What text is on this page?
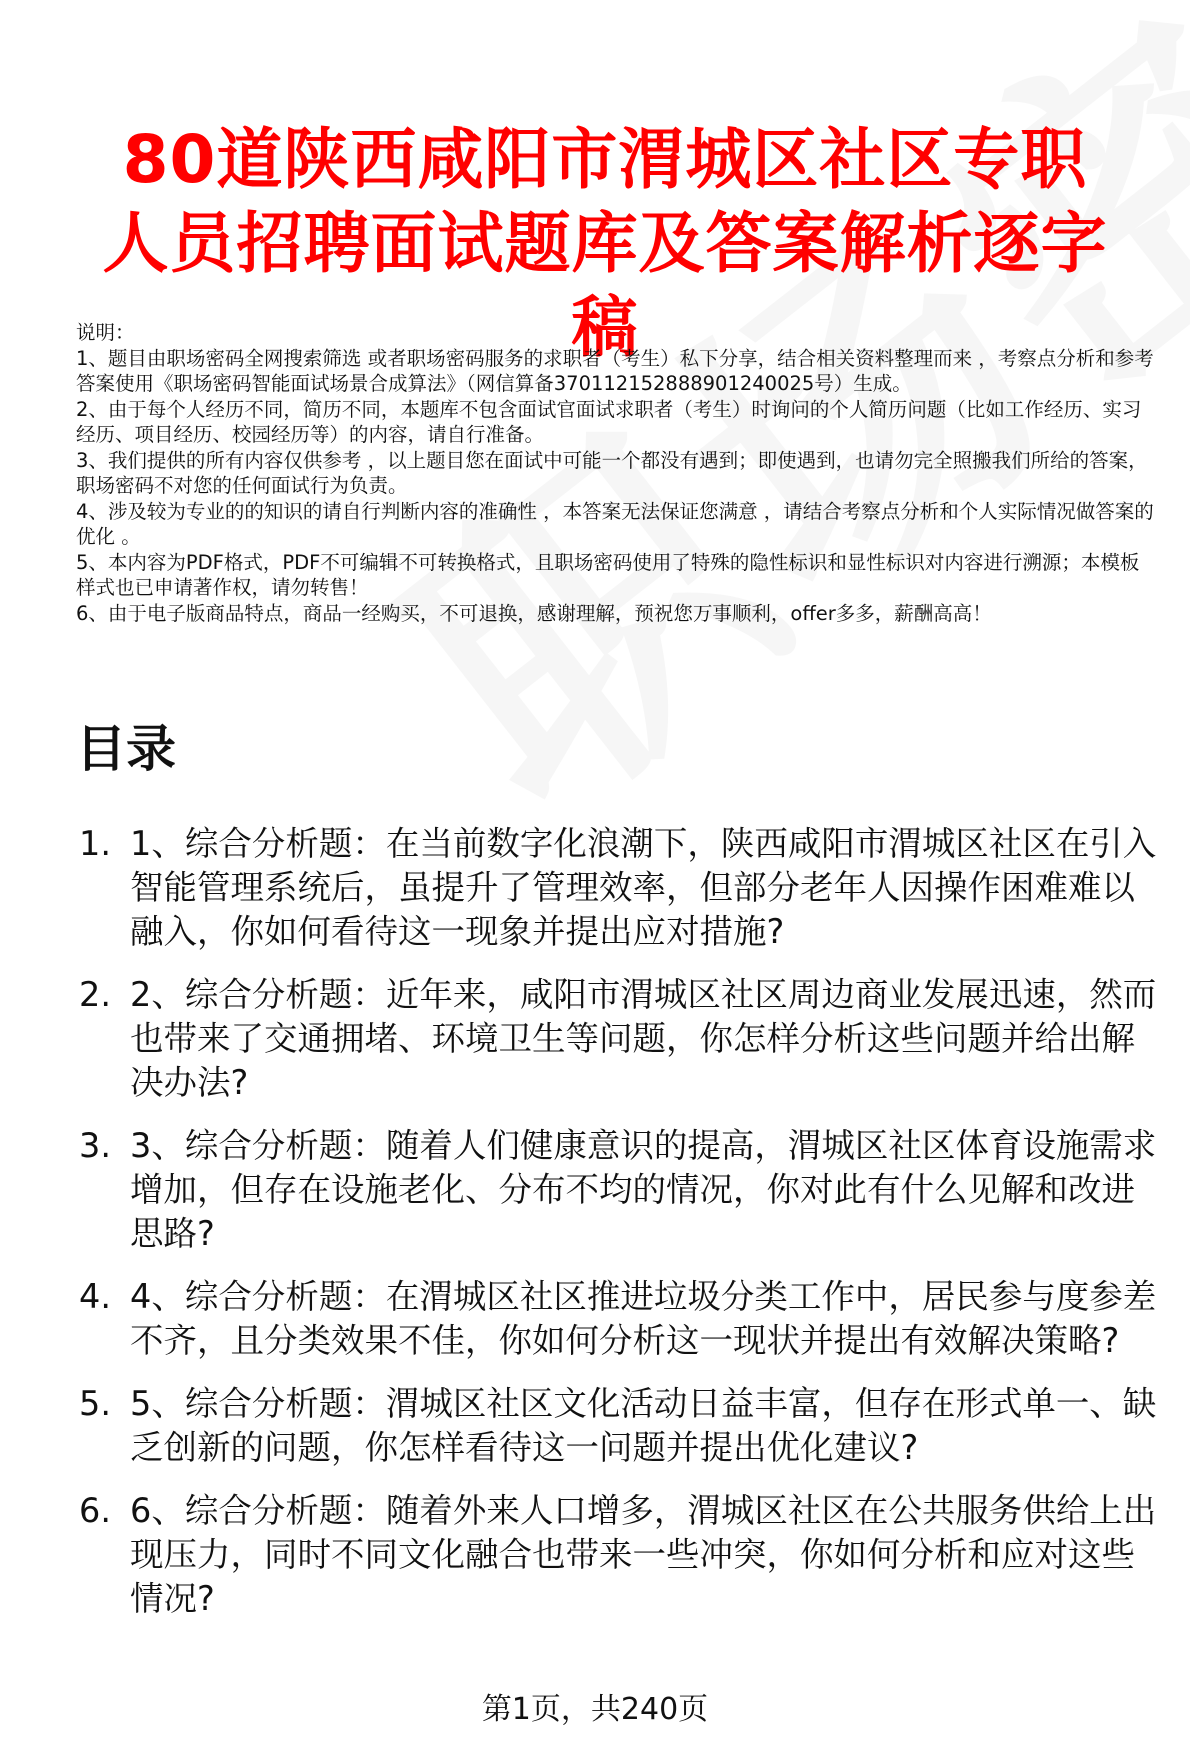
80道陕西咸阳市渭城区社区专职人员招聘面试题库及答案解析逐字稿

说明：

1、题目由职场密码全网搜索筛选 或者职场密码服务的求职者（考生）私下分享，结合相关资料整理而来 ，考察点分析和参考答案使用《职场密码智能面试场景合成算法》（网信算备370112152888901240025号）生成。

2、由于每个人经历不同，简历不同，本题库不包含面试官面试求职者（考生）时询问的个人简历问题（比如工作经历、实习经历、项目经历、校园经历等）的内容，请自行准备。

3、我们提供的所有内容仅供参考 ，以上题目您在面试中可能一个都没有遇到；即使遇到，也请勿完全照搬我们所给的答案，职场密码不对您的任何面试行为负责。

4、涉及较为专业的的知识的请自行判断内容的准确性 ，本答案无法保证您满意 ，请结合考察点分析和个人实际情况做答案的优化 。

5、本内容为PDF格式，PDF不可编辑不可转换格式，且职场密码使用了特殊的隐性标识和显性标识对内容进行溯源；本模板样式也已申请著作权，请勿转售！

6、由于电子版商品特点，商品一经购买，不可退换，感谢理解，预祝您万事顺利，offer多多，薪酬高高！

目录
1. 1、综合分析题：在当前数字化浪潮下，陕西咸阳市渭城区社区在引入智能管理系统后，虽提升了管理效率，但部分老年人因操作困难难以融入，你如何看待这一现象并提出应对措施?
2. 2、综合分析题：近年来，咸阳市渭城区社区周边商业发展迅速，然而也带来了交通拥堵、环境卫生等问题，你怎样分析这些问题并给出解决办法?
3. 3、综合分析题：随着人们健康意识的提高，渭城区社区体育设施需求增加，但存在设施老化、分布不均的情况，你对此有什么见解和改进思路?
4. 4、综合分析题：在渭城区社区推进垃圾分类工作中，居民参与度参差不齐，且分类效果不佳，你如何分析这一现状并提出有效解决策略?
5. 5、综合分析题：渭城区社区文化活动日益丰富，但存在形式单一、缺乏创新的问题，你怎样看待这一问题并提出优化建议?
6. 6、综合分析题：随着外来人口增多，渭城区社区在公共服务供给上出现压力，同时不同文化融合也带来一些冲突，你如何分析和应对这些情况?
第1页，共240页
